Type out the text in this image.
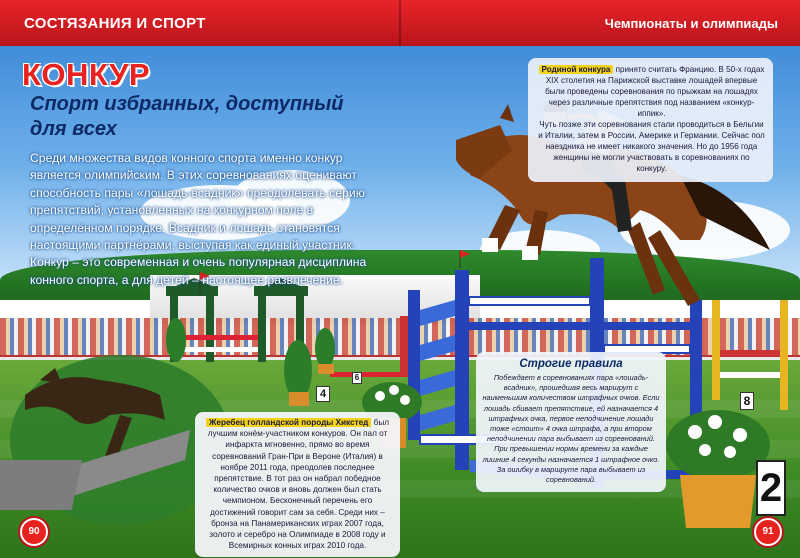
4	8
6
2
СОСТЯЗАНИЯ И СПОРТ	Чемпионаты и олимпиады
КОНКУР
Спорт избранных, доступный для всех
Среди множества видов конного спорта именно конкур является олимпийским. В этих соревнованиях оценивают способность пары «лошадь-всадник» преодолевать серию препятствий, установленных на конкурном поле в определённом порядке. Всадник и лошадь становятся настоящими партнёрами, выступая как единый участник. Конкур – это современная и очень популярная дисциплина конного спорта, а для детей – настоящее развлечение.
Родиной конкура принято считать Францию. В 50-х годах XIX столетия на Парижской выставке лошадей впервые были проведены соревнования по прыжкам на лошадях через различные препятствия под названием «конкур-иппик».
Чуть позже эти соревнования стали проводиться в Бельгии и Италии, затем в России, Америке и Германии. Сейчас пол наездника не имеет никакого значения. Но до 1956 года женщины не могли участвовать в соревнованиях по конкуру.
Строгие правила

Побеждает в соревнованиях пара «лошадь-всадник», прошедшая весь маршрут с наименьшим количеством штрафных очков. Если лошадь сбивает препятствие, ей назначается 4 штрафных очка, первое неподчинение лошади тоже «стоит» 4 очка штрафа, а при втором неподчинении пара выбывает из соревнований. При превышении нормы времени за каждые лишние 4 секунды назначается 1 штрафное очко. За ошибку в маршруте пара выбывает из соревнований.

Жеребец голландской породы Хикстед был лучшим конём-участником конкуров. Он пал от инфаркта мгновенно, прямо во время соревнований Гран-При в Вероне (Италия) в ноябре 2011 года, преодолев последнее препятствие. В тот раз он набрал победное количество очков и вновь должен был стать чемпионом. Бесконечный перечень его достижений говорит сам за себя. Среди них – бронза на Панамериканских играх 2007 года, золото и серебро на Олимпиаде в 2008 году и Всемирных конных играх 2010 года.
90	91
